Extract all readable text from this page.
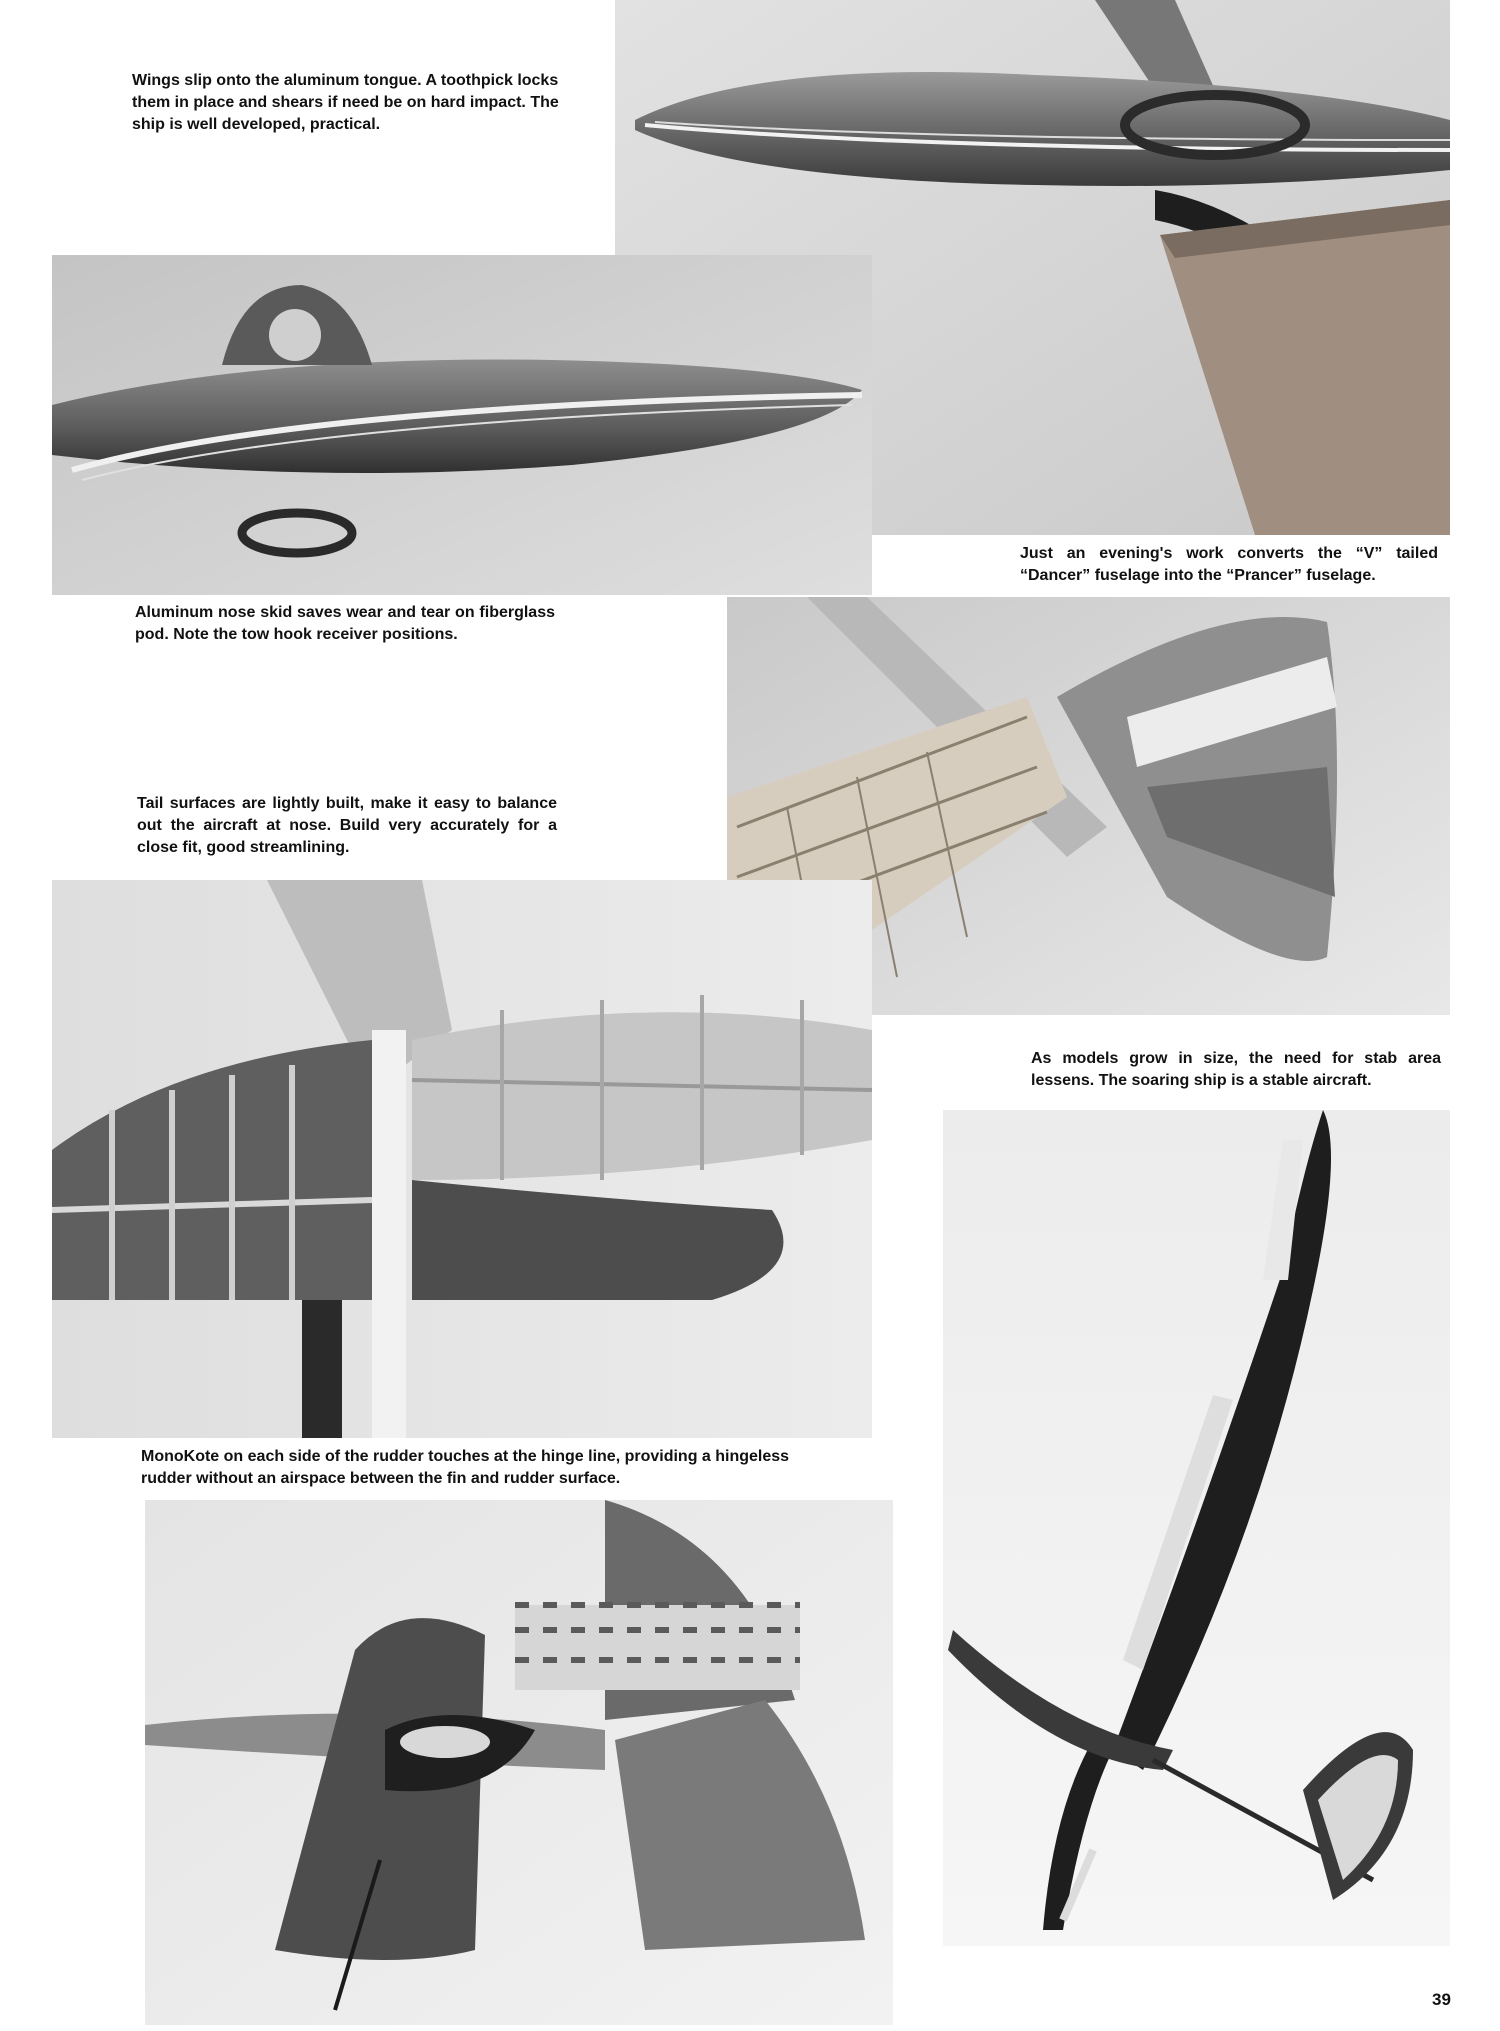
Wings slip onto the aluminum tongue. A toothpick locks them in place and shears if need be on hard impact. The ship is well developed, practical.

Aluminum nose skid saves wear and tear on fiberglass pod. Note the tow hook receiver positions.

Just an evening's work converts the “V” tailed “Dancer” fuselage into the “Prancer” fuselage.

Tail surfaces are lightly built, make it easy to balance out the aircraft at nose. Build very accurately for a close fit, good streamlining.

As models grow in size, the need for stab area lessens. The soaring ship is a stable aircraft.

MonoKote on each side of the rudder touches at the hinge line, providing a hingeless rudder without an airspace between the fin and rudder surface.

39
